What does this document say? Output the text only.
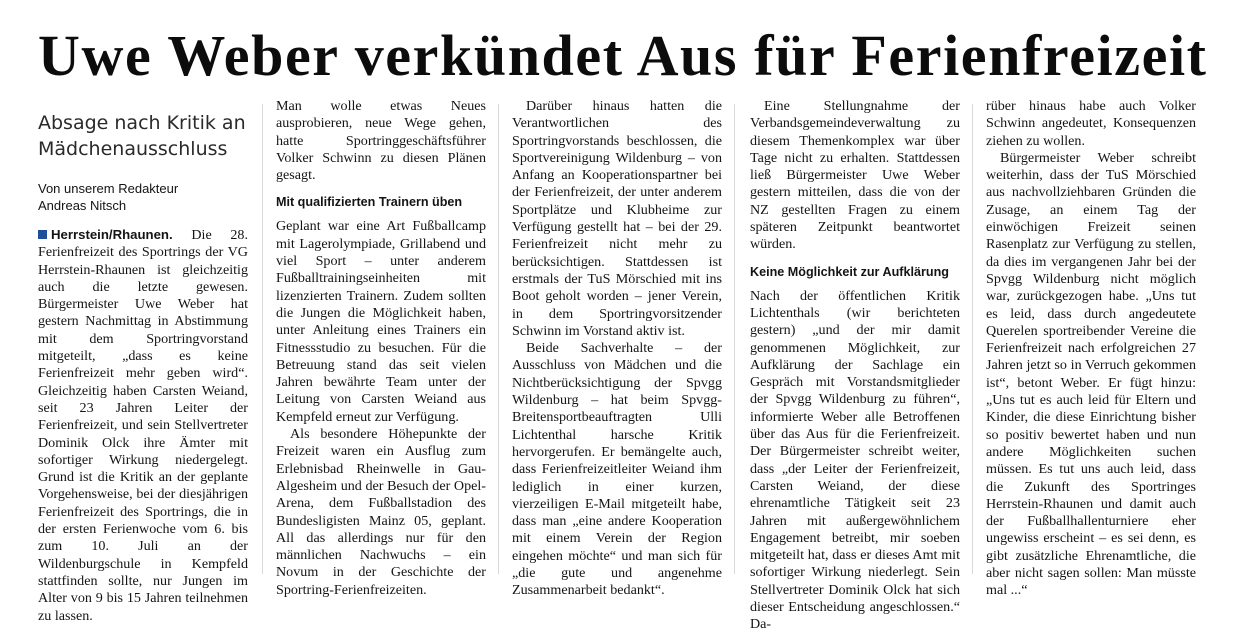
Uwe Weber verkündet Aus für Ferienfreizeit
Absage nach Kritik an Mädchenausschluss
Von unserem Redakteur
Andreas Nitsch

Herrstein/Rhaunen. Die 28. Ferienfreizeit des Sportrings der VG Herrstein-Rhaunen ist gleichzeitig auch die letzte gewesen. Bürgermeister Uwe Weber hat gestern Nachmittag in Abstimmung mit dem Sportringvorstand mitgeteilt, „dass es keine Ferienfreizeit mehr geben wird“. Gleichzeitig haben Carsten Weiand, seit 23 Jahren Leiter der Ferienfreizeit, und sein Stellvertreter Dominik Olck ihre Ämter mit sofortiger Wirkung niedergelegt. Grund ist die Kritik an der geplante Vorgehensweise, bei der diesjährigen Ferienfreizeit des Sportrings, die in der ersten Ferienwoche vom 6. bis zum 10. Juli an der Wildenburgschule in Kempfeld stattfinden sollte, nur Jungen im Alter von 9 bis 15 Jahren teilnehmen zu lassen.

Man wolle etwas Neues ausprobieren, neue Wege gehen, hatte Sportringgeschäftsführer Volker Schwinn zu diesen Plänen gesagt.

Mit qualifizierten Trainern üben

Geplant war eine Art Fußballcamp mit Lagerolympiade, Grillabend und viel Sport – unter anderem Fußballtrainingseinheiten mit lizenzierten Trainern. Zudem sollten die Jungen die Möglichkeit haben, unter Anleitung eines Trainers ein Fitnessstudio zu besuchen. Für die Betreuung stand das seit vielen Jahren bewährte Team unter der Leitung von Carsten Weiand aus Kempfeld erneut zur Verfügung.

Als besondere Höhepunkte der Freizeit waren ein Ausflug zum Erlebnisbad Rheinwelle in Gau-Algesheim und der Besuch der Opel-Arena, dem Fußballstadion des Bundesligisten Mainz 05, geplant. All das allerdings nur für den männlichen Nachwuchs – ein Novum in der Geschichte der Sportring-Ferienfreizeiten.

Darüber hinaus hatten die Verantwortlichen des Sportringvorstands beschlossen, die Sportvereinigung Wildenburg – von Anfang an Kooperationspartner bei der Ferienfreizeit, der unter anderem Sportplätze und Klubheime zur Verfügung gestellt hat – bei der 29. Ferienfreizeit nicht mehr zu berücksichtigen. Stattdessen ist erstmals der TuS Mörschied mit ins Boot geholt worden – jener Verein, in dem Sportringvorsitzender Schwinn im Vorstand aktiv ist.

Beide Sachverhalte – der Ausschluss von Mädchen und die Nichtberücksichtigung der Spvgg Wildenburg – hat beim Spvgg-Breitensportbeauftragten Ulli Lichtenthal harsche Kritik hervorgerufen. Er bemängelte auch, dass Ferienfreizeitleiter Weiand ihm lediglich in einer kurzen, vierzeiligen E-Mail mitgeteilt habe, dass man „eine andere Kooperation mit einem Verein der Region eingehen möchte“ und man sich für „die gute und angenehme Zusammenarbeit bedankt“.

Eine Stellungnahme der Verbandsgemeindeverwaltung zu diesem Themenkomplex war über Tage nicht zu erhalten. Stattdessen ließ Bürgermeister Uwe Weber gestern mitteilen, dass die von der NZ gestellten Fragen zu einem späteren Zeitpunkt beantwortet würden.

Keine Möglichkeit zur Aufklärung

Nach der öffentlichen Kritik Lichtenthals (wir berichteten gestern) „und der mir damit genommenen Möglichkeit, zur Aufklärung der Sachlage ein Gespräch mit Vorstandsmitglieder der Spvgg Wildenburg zu führen“, informierte Weber alle Betroffenen über das Aus für die Ferienfreizeit. Der Bürgermeister schreibt weiter, dass „der Leiter der Ferienfreizeit, Carsten Weiand, der diese ehrenamtliche Tätigkeit seit 23 Jahren mit außergewöhnlichem Engagement betreibt, mir soeben mitgeteilt hat, dass er dieses Amt mit sofortiger Wirkung niederlegt. Sein Stellvertreter Dominik Olck hat sich dieser Entscheidung angeschlossen.“ Da-

rüber hinaus habe auch Volker Schwinn angedeutet, Konsequenzen ziehen zu wollen.

Bürgermeister Weber schreibt weiterhin, dass der TuS Mörschied aus nachvollziehbaren Gründen die Zusage, an einem Tag der einwöchigen Freizeit seinen Rasenplatz zur Verfügung zu stellen, da dies im vergangenen Jahr bei der Spvgg Wildenburg nicht möglich war, zurückgezogen habe. „Uns tut es leid, dass durch angedeutete Querelen sportreibender Vereine die Ferienfreizeit nach erfolgreichen 27 Jahren jetzt so in Verruch gekommen ist“, betont Weber. Er fügt hinzu: „Uns tut es auch leid für Eltern und Kinder, die diese Einrichtung bisher so positiv bewertet haben und nun andere Möglichkeiten suchen müssen. Es tut uns auch leid, dass die Zukunft des Sportringes Herrstein-Rhaunen und damit auch der Fußballhallenturniere eher ungewiss erscheint – es sei denn, es gibt zusätzliche Ehrenamtliche, die aber nicht sagen sollen: Man müsste mal ...“
